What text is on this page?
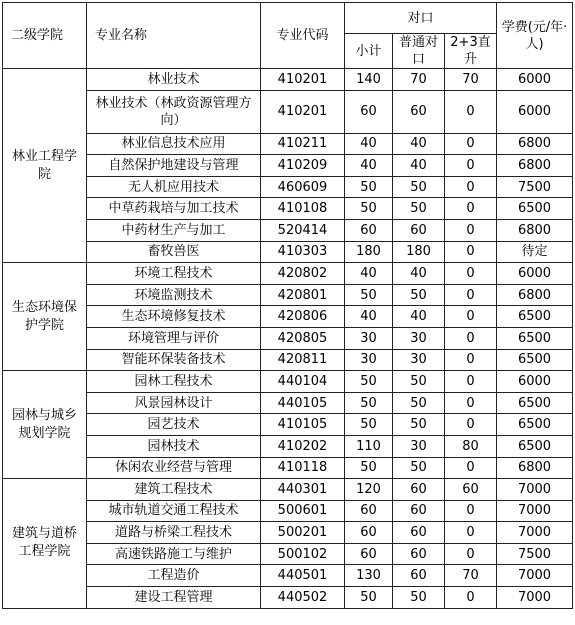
二级学院	专业名称	专业代码	对口			学费(元/年·人)
			小计	普通对口	2+3直升	
林业工程学院	林业技术	410201	140	70	70	6000
	林业技术（林政资源管理方向）	410201	60	60	0	6000
	林业信息技术应用	410211	40	40	0	6800
	自然保护地建设与管理	410209	40	40	0	6800
	无人机应用技术	460609	50	50	0	7500
	中草药栽培与加工技术	410108	50	50	0	6500
	中药材生产与加工	520414	60	60	0	6800
	畜牧兽医	410303	180	180	0	待定
生态环境保护学院	环境工程技术	420802	40	40	0	6000
	环境监测技术	420801	50	50	0	6800
	生态环境修复技术	420806	40	40	0	6500
	环境管理与评价	420805	30	30	0	6500
	智能环保装备技术	420811	30	30	0	6500
园林与城乡规划学院	园林工程技术	440104	50	50	0	6000
	风景园林设计	440105	50	50	0	6500
	园艺技术	410105	50	50	0	6500
	园林技术	410202	110	30	80	6500
	休闲农业经营与管理	410118	50	50	0	6800
建筑与道桥工程学院	建筑工程技术	440301	120	60	60	7000
	城市轨道交通工程技术	500601	60	60	0	7000
	道路与桥梁工程技术	500201	60	60	0	7000
	高速铁路施工与维护	500102	60	60	0	7500
	工程造价	440501	130	60	70	7000
	建设工程管理	440502	50	50	0	7000
